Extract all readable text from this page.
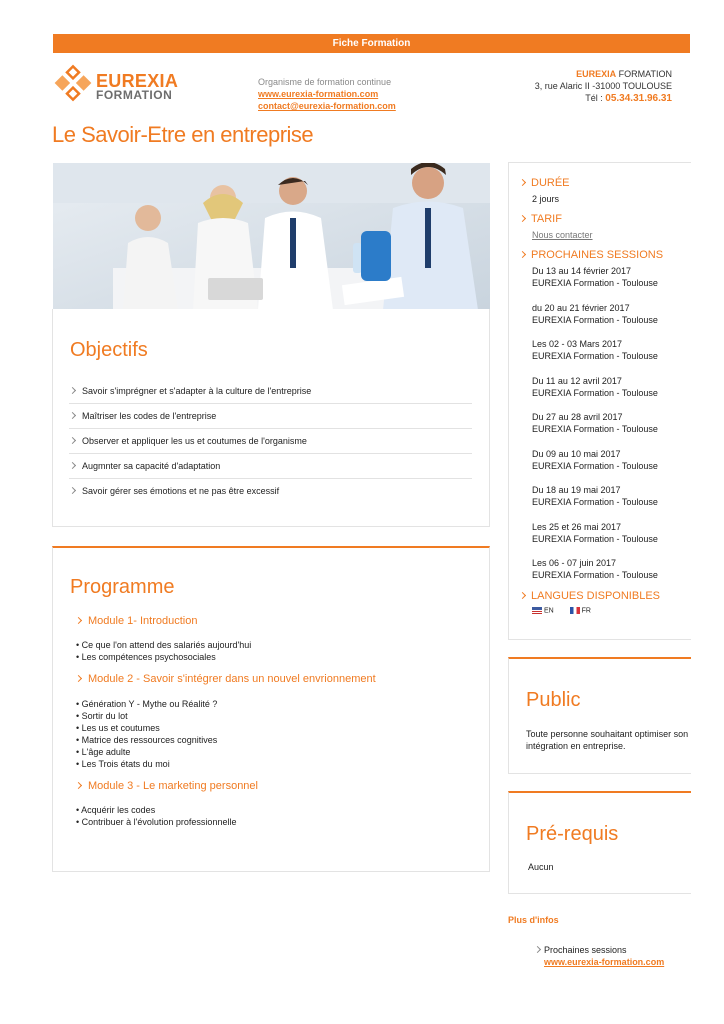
Fiche Formation
EUREXIA
FORMATION
Organisme de formation continue
www.eurexia-formation.com
contact@eurexia-formation.com
EUREXIA FORMATION
3, rue Alaric II -31000 TOULOUSE
Tél : 05.34.31.96.31
Le Savoir-Etre en entreprise
Objectifs
Savoir s'imprégner et s'adapter à la culture de l'entreprise
Maîtriser les codes de l'entreprise
Observer et appliquer les us et coutumes de l'organisme
Augmnter sa capacité d'adaptation
Savoir gérer ses émotions et ne pas être excessif
Programme
Module 1- Introduction
• Ce que l'on attend des salariés aujourd'hui
• Les compétences psychosociales
Module 2 - Savoir s'intégrer dans un nouvel envrionnement
• Génération Y - Mythe ou Réalité ?
• Sortir du lot
• Les us et coutumes
• Matrice des ressources cognitives
• L'âge adulte
• Les Trois états du moi
Module 3 - Le marketing personnel
• Acquérir les codes
• Contribuer à l'évolution professionnelle
DURÉE
2 jours
TARIF
Nous contacter
PROCHAINES SESSIONS
Du 13 au 14 février 2017
EUREXIA Formation - Toulouse
du 20 au 21 février 2017
EUREXIA Formation - Toulouse
Les 02 - 03 Mars 2017
EUREXIA Formation - Toulouse
Du 11 au 12 avril 2017
EUREXIA Formation - Toulouse
Du 27 au 28 avril 2017
EUREXIA Formation - Toulouse
Du 09 au 10 mai 2017
EUREXIA Formation - Toulouse
Du 18 au 19 mai 2017
EUREXIA Formation - Toulouse
Les 25 et 26 mai 2017
EUREXIA Formation - Toulouse
Les 06 - 07 juin 2017
EUREXIA Formation - Toulouse
LANGUES DISPONIBLES
EN	FR
Public
Toute personne souhaitant optimiser son intégration en entreprise.
Pré-requis
Aucun
Plus d'infos
Prochaines sessions
www.eurexia-formation.com
